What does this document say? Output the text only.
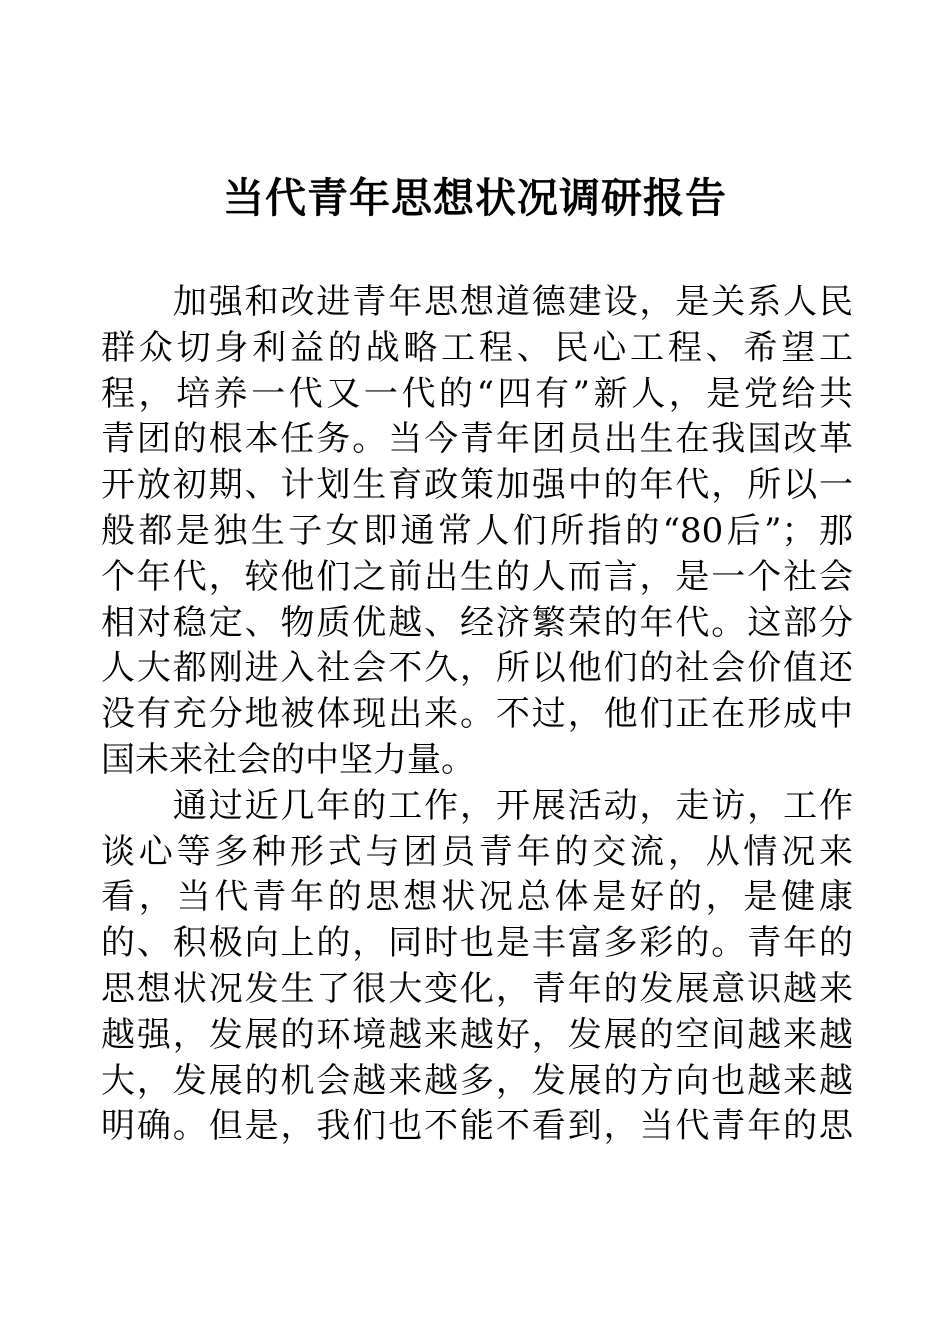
当代青年思想状况调研报告
　　加强和改进青年思想道德建设，是关系人民
群众切身利益的战略工程、民心工程、希望工
程，培养一代又一代的“四有”新人，是党给共
青团的根本任务。当今青年团员出生在我国改革
开放初期、计划生育政策加强中的年代，所以一
般都是独生子女即通常人们所指的“80后”；那
个年代，较他们之前出生的人而言，是一个社会
相对稳定、物质优越、经济繁荣的年代。这部分
人大都刚进入社会不久，所以他们的社会价值还
没有充分地被体现出来。不过，他们正在形成中
国未来社会的中坚力量。
　　通过近几年的工作，开展活动，走访，工作
谈心等多种形式与团员青年的交流，从情况来
看，当代青年的思想状况总体是好的，是健康
的、积极向上的，同时也是丰富多彩的。青年的
思想状况发生了很大变化，青年的发展意识越来
越强，发展的环境越来越好，发展的空间越来越
大，发展的机会越来越多，发展的方向也越来越
明确。但是，我们也不能不看到，当代青年的思
